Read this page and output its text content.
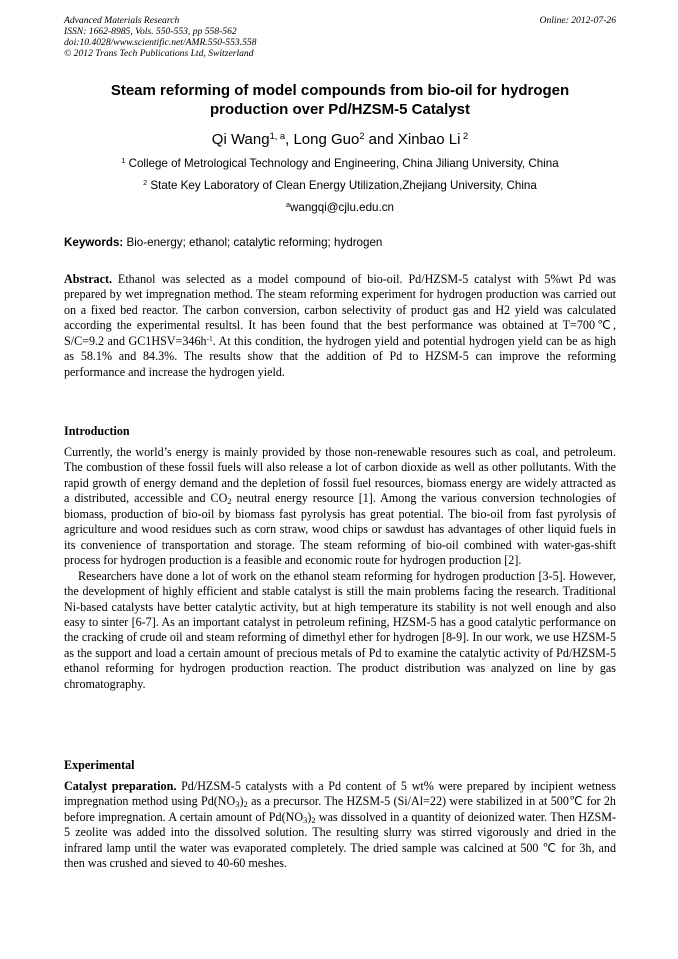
Advanced Materials Research
ISSN: 1662-8985, Vols. 550-553, pp 558-562
doi:10.4028/www.scientific.net/AMR.550-553.558
© 2012 Trans Tech Publications Ltd, Switzerland
Online: 2012-07-26
Steam reforming of model compounds from bio-oil for hydrogen
production over Pd/HZSM-5 Catalyst
Qi Wang$^{1, a}$, Long Guo$^2$ and Xinbao Li $^2$
$^1$ College of Metrological Technology and Engineering, China Jiliang University, China
$^2$ State Key Laboratory of Clean Energy Utilization,Zhejiang University, China
$^a$wangqi@cjlu.edu.cn
Keywords: Bio-energy; ethanol; catalytic reforming; hydrogen
Abstract. Ethanol was selected as a model compound of bio-oil. Pd/HZSM-5 catalyst with 5%wt Pd was prepared by wet impregnation method. The steam reforming experiment for hydrogen production was carried out on a fixed bed reactor. The carbon conversion, carbon selectivity of product gas and H2 yield was calculated according the experimental resultsl. It has been found that the best performance was obtained at T=700℃, S/C=9.2 and $GC1HSV=346h^{-1}$. At this condition, the hydrogen yield and potential hydrogen yield can be as high as 58.1% and 84.3%. The results show that the addition of Pd to HZSM-5 can improve the reforming performance and increase the hydrogen yield.
Introduction

Currently, the world’s energy is mainly provided by those non-renewable resoures such as coal, and petroleum. The combustion of these fossil fuels will also release a lot of carbon dioxide as well as other pollutants. With the rapid growth of energy demand and the depletion of fossil fuel resources, biomass energy are widely attracted as a distributed, accessible and $CO_2$ neutral energy resource [1]. Among the various conversion technologies of biomass, production of bio-oil by biomass fast pyrolysis has great potential. The bio-oil from fast pyrolysis of agriculture and wood residues such as corn straw, wood chips or sawdust has advantages of other liquid fuels in its convenience of transportation and storage. The steam reforming of bio-oil combined with water-gas-shift process for hydrogen production is a feasible and economic route for hydrogen production [2].

Researchers have done a lot of work on the ethanol steam reforming for hydrogen production [3-5]. However, the development of highly efficient and stable catalyst is still the main problems facing the research. Traditional Ni-based catalysts have better catalytic activity, but at high temperature its stability is not well enough and also easy to sinter [6-7]. As an important catalyst in petroleum refining, HZSM-5 has a good catalytic performance on the cracking of crude oil and steam reforming of dimethyl ether for hydrogen [8-9]. In our work, we use HZSM-5 as the support and load a certain amount of precious metals of Pd to examine the catalytic activity of Pd/HZSM-5 ethanol reforming for hydrogen production reaction. The product distribution was analyzed on line by gas chromatography.

Experimental
Catalyst preparation. Pd/HZSM-5 catalysts with a Pd content of 5 wt% were prepared by incipient wetness impregnation method using $Pd(NO_3)_2$ as a precursor. The HZSM-5 (Si/Al=22) were stabilized in at 500℃ for 2h before impregnation. A certain amount of $Pd(NO_3)_2$ was dissolved in a quantity of deionized water. Then HZSM-5 zeolite was added into the dissolved solution. The resulting slurry was stirred vigorously and dried in the infrared lamp until the water was evaporated completely. The dried sample was calcined at 500 ℃ for 3h, and then was crushed and sieved to 40-60 meshes.
